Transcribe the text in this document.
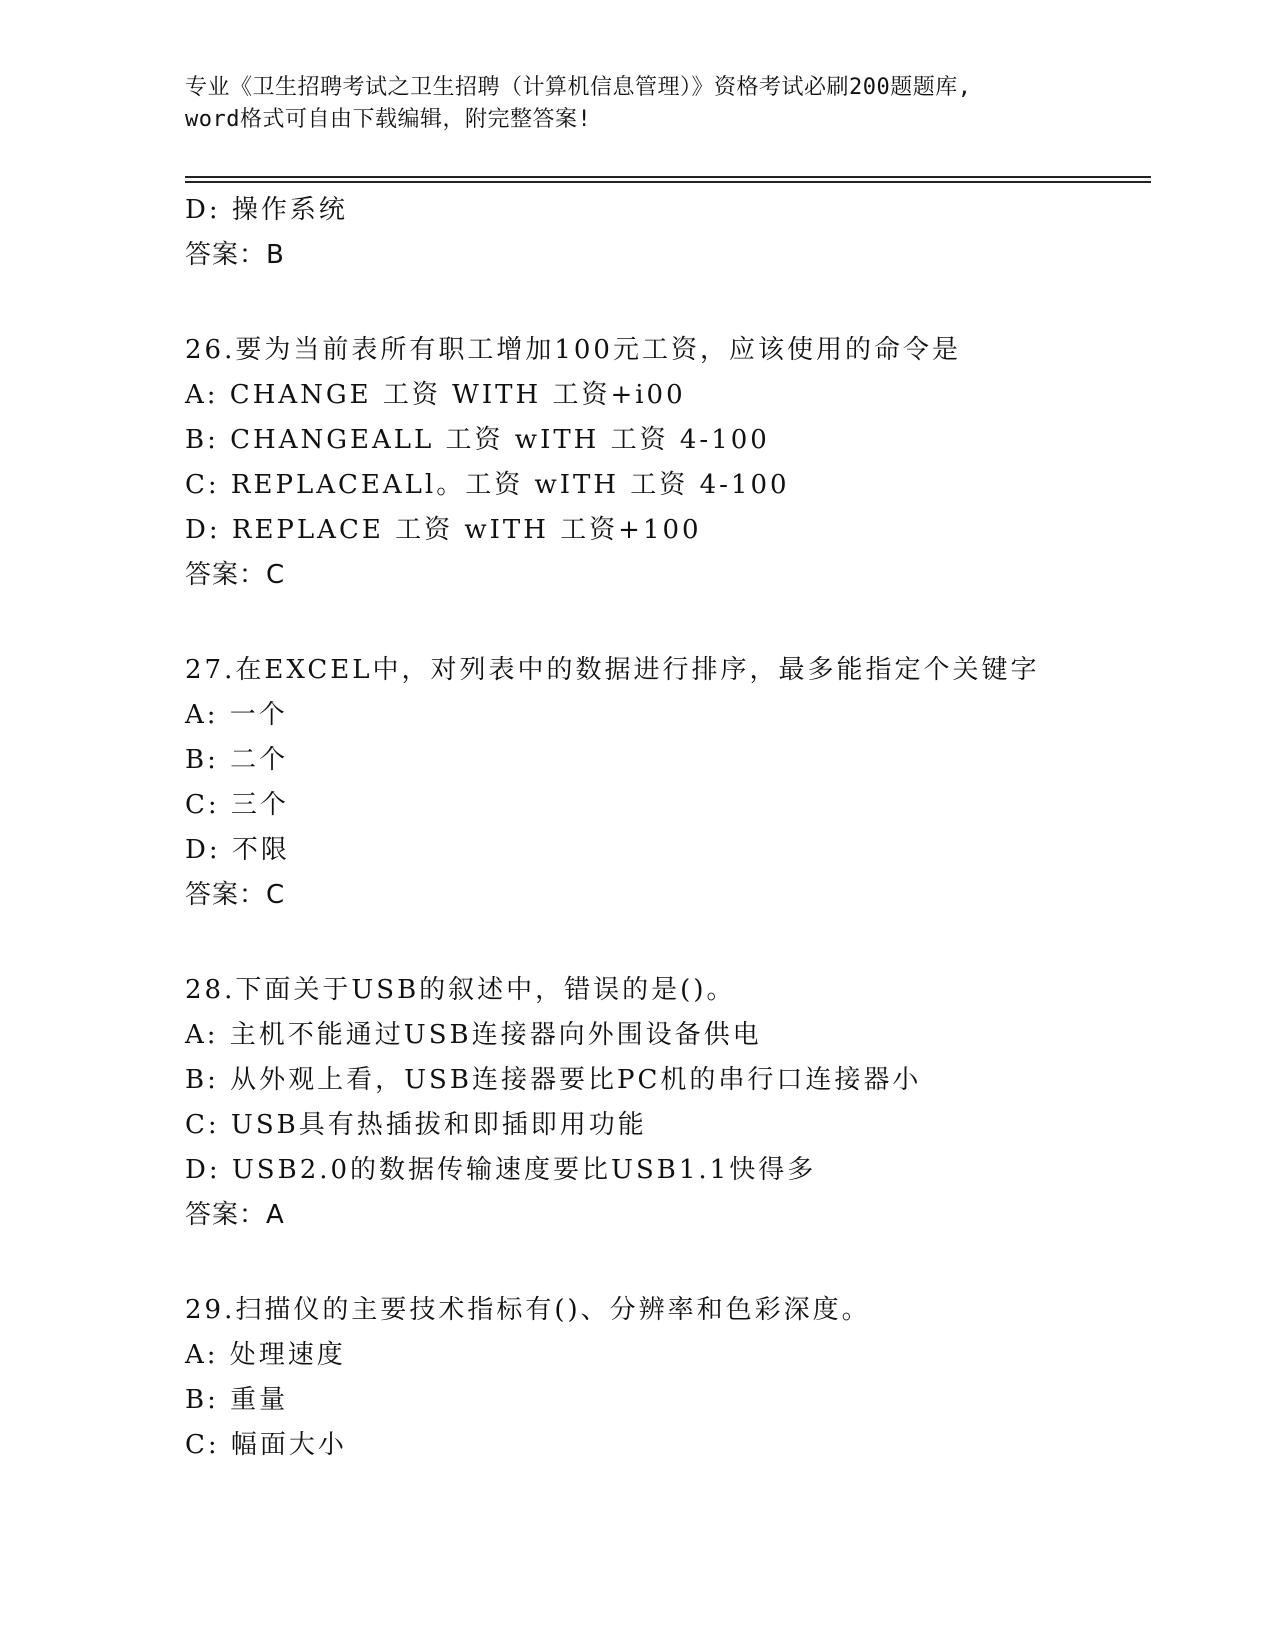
专业《卫生招聘考试之卫生招聘（计算机信息管理）》资格考试必刷200题题库,
word格式可自由下载编辑，附完整答案!
D: 操作系统
答案：B
26.要为当前表所有职工增加100元工资，应该使用的命令是
A: CHANGE 工资 WITH 工资+i00
B: CHANGEALL 工资 wITH 工资 4-100
C: REPLACEALl。工资 wITH 工资 4-100
D: REPLACE 工资 wITH 工资+100
答案：C
27.在EXCEL中，对列表中的数据进行排序，最多能指定个关键字
A: 一个
B: 二个
C: 三个
D: 不限
答案：C
28.下面关于USB的叙述中，错误的是()。
A: 主机不能通过USB连接器向外围设备供电
B: 从外观上看，USB连接器要比PC机的串行口连接器小
C: USB具有热插拔和即插即用功能
D: USB2.0的数据传输速度要比USB1.1快得多
答案：A
29.扫描仪的主要技术指标有()、分辨率和色彩深度。
A: 处理速度
B: 重量
C: 幅面大小
